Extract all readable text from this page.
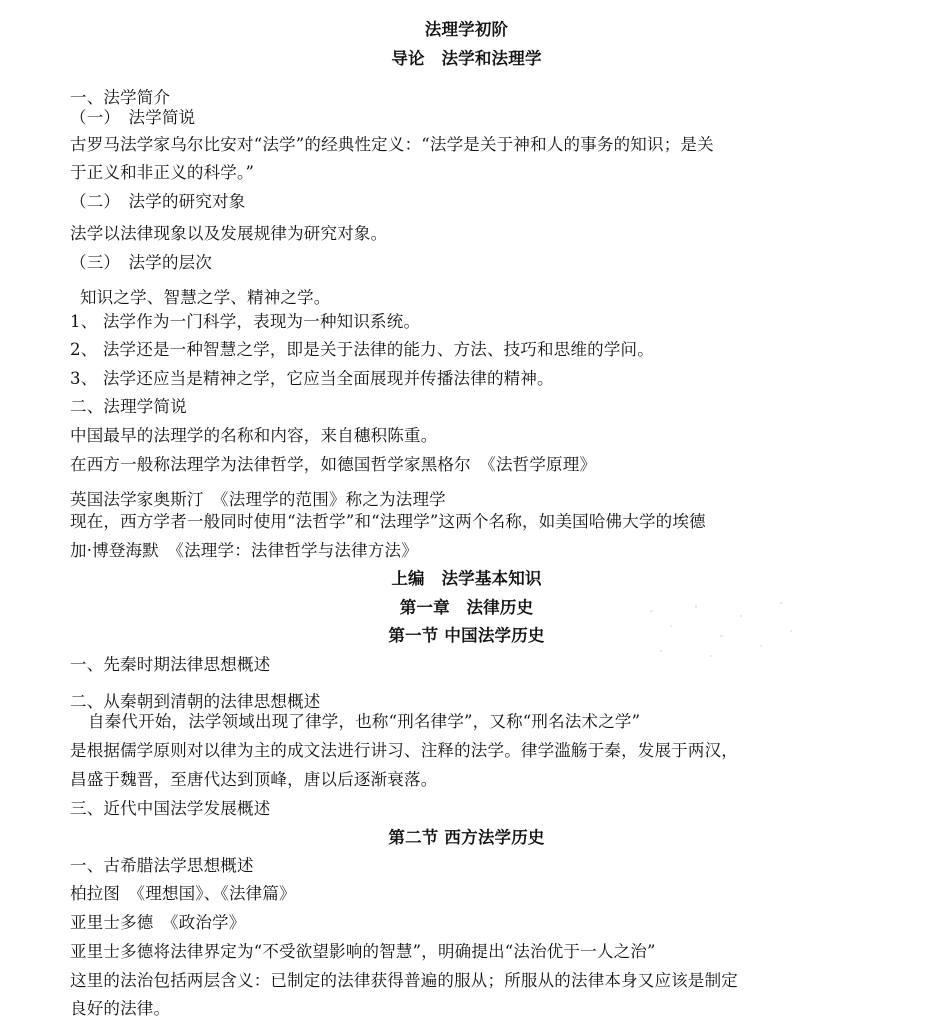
法理学初阶
导论　法学和法理学
一、法学简介
（一）　法学简说
古罗马法学家乌尔比安对“法学”的经典性定义：“法学是关于神和人的事务的知识；是关
于正义和非正义的科学。”
（二）　法学的研究对象
法学以法律现象以及发展规律为研究对象。
（三）　法学的层次
知识之学、智慧之学、精神之学。
1、 法学作为一门科学，表现为一种知识系统。
2、 法学还是一种智慧之学，即是关于法律的能力、方法、技巧和思维的学问。
3、 法学还应当是精神之学，它应当全面展现并传播法律的精神。
二、法理学简说
中国最早的法理学的名称和内容，来自穗积陈重。
在西方一般称法理学为法律哲学，如德国哲学家黑格尔　《法哲学原理》
英国法学家奥斯汀　《法理学的范围》称之为法理学
现在，西方学者一般同时使用“法哲学”和“法理学”这两个名称，如美国哈佛大学的埃德
加·博登海默　《法理学：法律哲学与法律方法》
上编　法学基本知识
第一章　法律历史
第一节 中国法学历史
一、先秦时期法律思想概述
二、从秦朝到清朝的法律思想概述
自秦代开始，法学领域出现了律学，也称“刑名律学”，又称“刑名法术之学”
是根据儒学原则对以律为主的成文法进行讲习、注释的法学。律学滥觞于秦，发展于两汉，
昌盛于魏晋，至唐代达到顶峰，唐以后逐渐衰落。
三、近代中国法学发展概述
第二节 西方法学历史
一、古希腊法学思想概述
柏拉图　《理想国》、《法律篇》
亚里士多德　《政治学》
亚里士多德将法律界定为“不受欲望影响的智慧”，明确提出“法治优于一人之治”
这里的法治包括两层含义：已制定的法律获得普遍的服从；所服从的法律本身又应该是制定
良好的法律。
